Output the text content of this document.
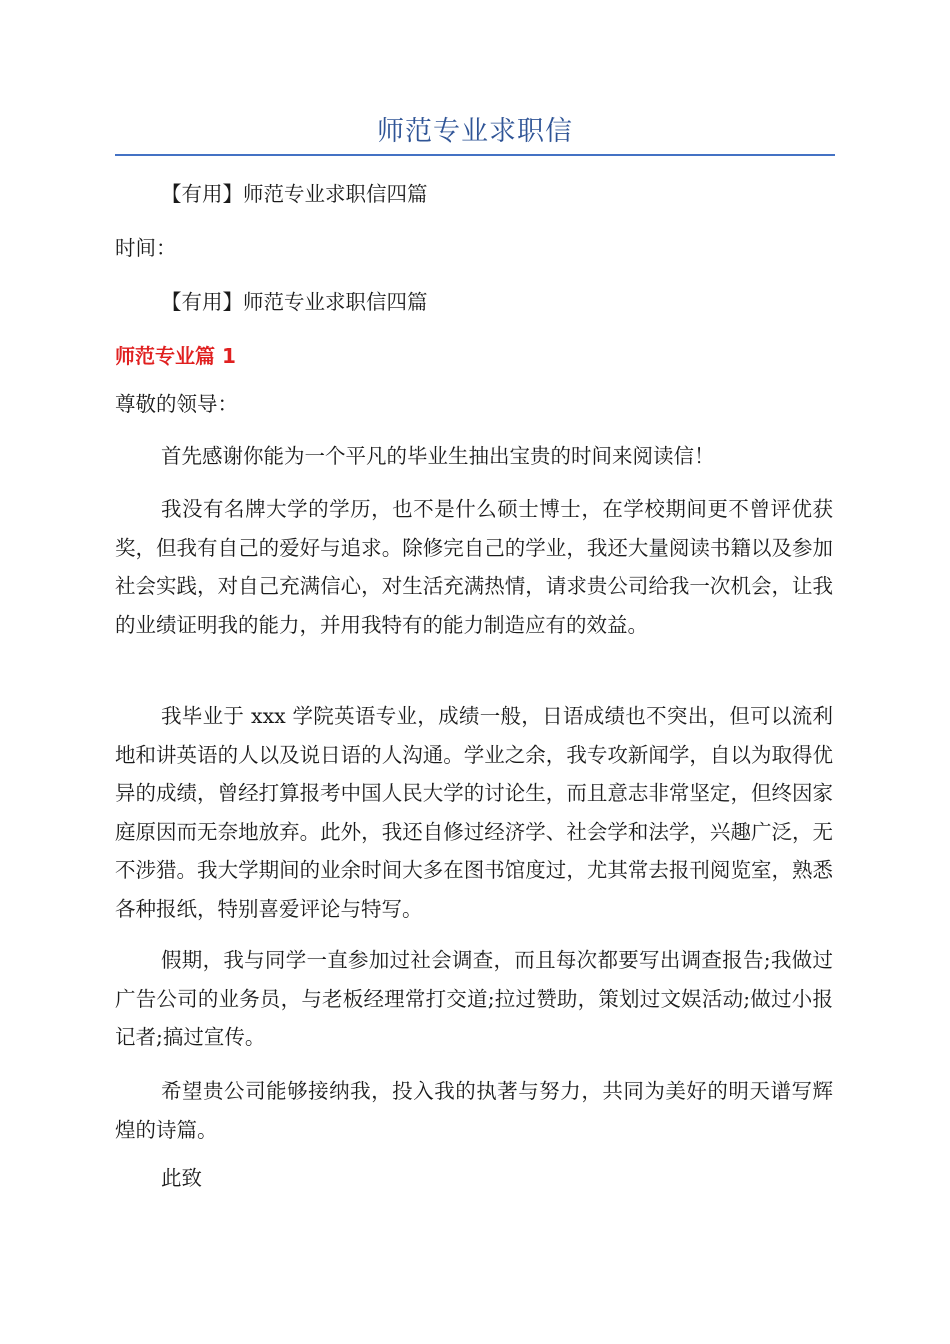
师范专业求职信

【有用】师范专业求职信四篇

时间：

【有用】师范专业求职信四篇

师范专业篇 1

尊敬的领导：

首先感谢你能为一个平凡的毕业生抽出宝贵的时间来阅读信！

我没有名牌大学的学历，也不是什么硕士博士，在学校期间更不曾评优获奖，但我有自己的爱好与追求。除修完自己的学业，我还大量阅读书籍以及参加社会实践，对自己充满信心，对生活充满热情，请求贵公司给我一次机会，让我的业绩证明我的能力，并用我特有的能力制造应有的效益。

我毕业于 xxx 学院英语专业，成绩一般，日语成绩也不突出，但可以流利地和讲英语的人以及说日语的人沟通。学业之余，我专攻新闻学，自以为取得优异的成绩，曾经打算报考中国人民大学的讨论生，而且意志非常坚定，但终因家庭原因而无奈地放弃。此外，我还自修过经济学、社会学和法学，兴趣广泛，无不涉猎。我大学期间的业余时间大多在图书馆度过，尤其常去报刊阅览室，熟悉各种报纸，特别喜爱评论与特写。

假期，我与同学一直参加过社会调查，而且每次都要写出调查报告;我做过广告公司的业务员，与老板经理常打交道;拉过赞助，策划过文娱活动;做过小报记者;搞过宣传。

希望贵公司能够接纳我，投入我的执著与努力，共同为美好的明天谱写辉煌的诗篇。

此致
